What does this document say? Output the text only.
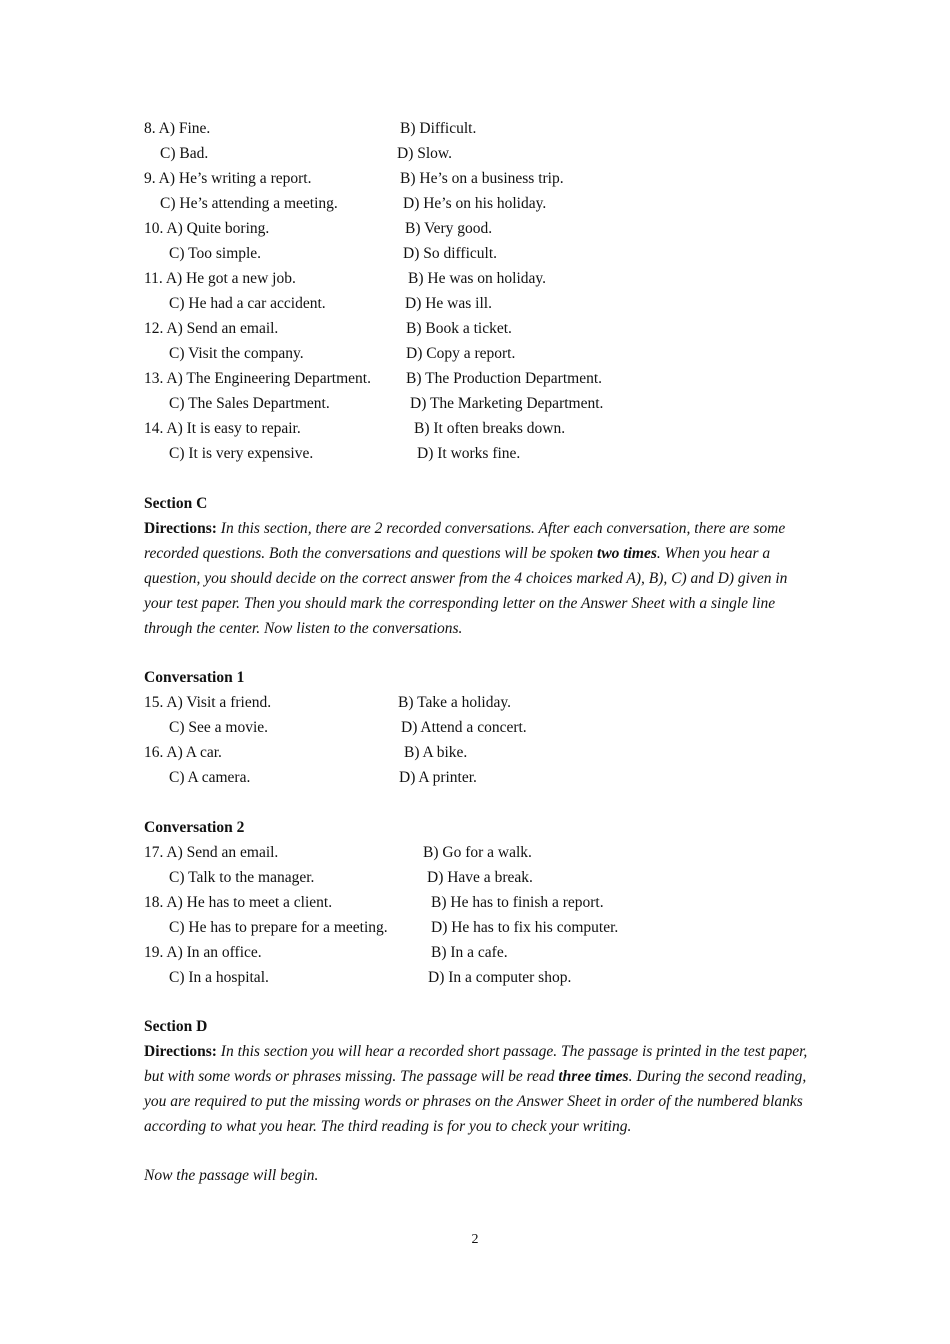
8. A) Fine.	B) Difficult.
C) Bad.	D) Slow.
9. A) He’s writing a report.	B) He’s on a business trip.
C) He’s attending a meeting.	D) He’s on his holiday.
10. A) Quite boring.	B) Very good.
C) Too simple.	D) So difficult.
11. A) He got a new job.	B) He was on holiday.
C) He had a car accident.	D) He was ill.
12. A) Send an email.	B) Book a ticket.
C) Visit the company.	D) Copy a report.
13. A) The Engineering Department. B) The Production Department.
C) The Sales Department.	D) The Marketing Department.
14. A) It is easy to repair.	B) It often breaks down.
C) It is very expensive.	D) It works fine.
Section C
Directions: In this section, there are 2 recorded conversations. After each conversation, there are some recorded questions. Both the conversations and questions will be spoken two times. When you hear a question, you should decide on the correct answer from the 4 choices marked A), B), C) and D) given in your test paper. Then you should mark the corresponding letter on the Answer Sheet with a single line through the center. Now listen to the conversations.
Conversation 1
15. A) Visit a friend.	B) Take a holiday.
C) See a movie.	D) Attend a concert.
16. A) A car.	B) A bike.
C) A camera.	D) A printer.
Conversation 2
17. A) Send an email.	B) Go for a walk.
C) Talk to the manager.	D) Have a break.
18. A) He has to meet a client.	B) He has to finish a report.
C) He has to prepare for a meeting.	D) He has to fix his computer.
19. A) In an office.	B) In a cafe.
C) In a hospital.	D) In a computer shop.
Section D
Directions: In this section you will hear a recorded short passage. The passage is printed in the test paper, but with some words or phrases missing. The passage will be read three times. During the second reading, you are required to put the missing words or phrases on the Answer Sheet in order of the numbered blanks according to what you hear. The third reading is for you to check your writing.
Now the passage will begin.
2
